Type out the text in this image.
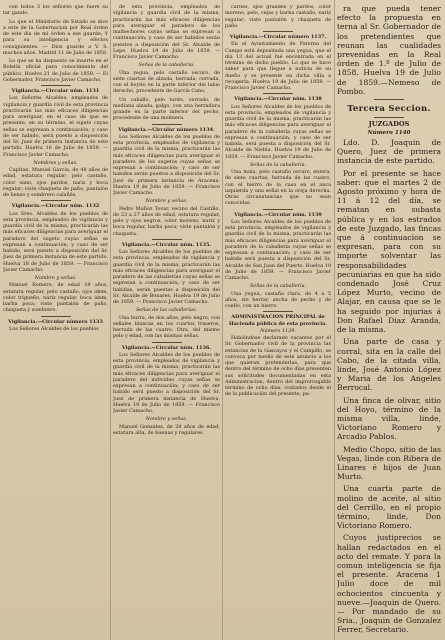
con todos 3 los señores que fuere su tar gando.

Lo que el Ministerio de Estado se dice a este de la Gobernacion por Real órden de este día de mi órden a ese guarde; Y para su inteligencia y efectos consiguientes. — Dios guarde a V. S. muchos años. Madrid 11 de Julio de 1858.

Lo que se ha dispuesto se inserte en el Boletín oficial para conocimiento del público. Huelva 21 de Julio de 1859. — El Gobernador, Francisco Javier Camacho.

Vigilancia.—Circular núm. 1131

Los Señores Alcaldes, empleados de vigilancia y guardia civil de esta provincia practicarán las más eficaces diligencias para averiguar, en el caso de que se presente, en su término, el sujeto cuyas señas se expresan a continuación; y caso de ser habido, será puesto a disposición del Sr. Juez de primera instancia de este partido. Huelva 16 de Julio de 1859. — Francisco Javier Camacho.

Nombres y señas.

Capitan, Manuel García, de 48 años de edad, estatura regular; pelo castaño, color sano, ojos pardos, nariz y boca regular; viste chaqueta de paño, pantalón de lienzo y sombrero calañés.

Vigilancia.—Circular núm. 1132

Los Sres. Alcaldes de los pueblos de esta provincia, empleados de vigilancia y guardia civil de la misma, practicarán las más eficaces diligencias para averiguar el paradero del sugeto cuyas señas se expresan a continuación; y caso de ser habido, será puesto a disposición del Sr. Juez de primera instancia de este partido. Huelva 18 de Julio de 1859. — Francisco Javier Camacho.

Nombre y señas.

Manuel Romero, de edad 19 años, estatura regular, pelo castaño, ojos idem, color trigueño, nariz regular, boca idem, barba poca; viste pantalón de paño, chaqueta y sombrero.

Vigilancia.—Circular número 1133

Los Señores Alcaldes de los pueblos

de esta provincia, empleados de vigilancia y guardia civil de la misma, practicarán las más eficaces diligencias para averiguar el paradero de los malhechores cuyas señas se expresan a continuación; y caso de ser habidos serán puestos a disposición del Sr. Alcalde de Lepe. Huelva 19 de Julio de 1859. — Francisco Javier Camacho.

Señas de la caballería.

Una yegua, pelo castaño oscuro, de siete cuartas de alzada, herrada, cerrada, con el hoyito en la parte inferior del labio derecho, procedente de García Cano.

Un caballo, pelo tordo, cerrado, de mediana alzada, galgo, con una herradura grande en la parte inferior del pecho, procedente de una molinera.

Vigilancia.—Circular número 1134.

Los Señores Alcaldes de los pueblos de esta provincia, empleados de vigilancia y guardia civil de la misma, practicarán las más eficaces diligencias para averiguar el paradero de los sugetos cuyas señas se expresan a continuación; y caso de ser habidos serán puestos a disposición del Sr. Juez de primera instancia de Aracena. Huelva 19 de Julio de 1859. — Francisco Javier Camacho.

Nombre y señas.

Pedro Muñoz Tovar, vecino del Castillo, de 23 a 27 años de edad, estatura regular, pelo y ojos negros, color moreno, nariz y boca regular, barba poca; viste pantalón y chaqueta.

Vigilancia.—Circular núm. 1135.

Los Señores Alcaldes de los pueblos de esta provincia, empleados de vigilancia y guardia civil de la misma, practicarán las más eficaces diligencias para averiguar el paradero de las caballerías cuyas señas se expresan a continuación; y caso de ser habidas, serán puestas a disposición del Sr. Alcalde de Bonares. Huelva 19 de Julio de 1859. — Francisco Javier Camacho.

Señas de las caballerías.

Una burra, de dos años, pelo negro, con señales blancas en los cuartos traseros, herrada de las cuatro. Otra, del mismo pelo y edad, con las mismas señas.

Vigilancia.—Circular núm. 1136.

Los Señores Alcaldes de los pueblos de esta provincia, empleados de vigilancia y guardia civil de la misma, practicarán las más eficaces diligencias para averiguar el paradero del individuo cuyas señas se expresan a continuación; y caso de ser habido será puesto a disposición del Sr. Juez de primera instancia de Huelva. Huelva 19 de Julio de 1859. — Francisco Javier Camacho.

Nombre y señas.

Manuel Gonzalez, de 28 años de edad, estatura alta, de buenas y regulares

carnes, ojos grandes y pardos, color moreno, pelo, cejas y barba castaño, nariz regular; viste pantalón y chaqueta de paño.

Vigilancia.—Circular número 1137.

En el Ayuntamiento de Paterna del Campo está depositada una yegua, que el día 13 del actual fué encontrada en el término de dicho pueblo. Lo que se hace saber para que llegue a noticia de su dueño y se presente en dicha villa a recogerla. Huelva 19 de Julio de 1859. — Francisco Javier Camacho.

Vigilancia.—Circular núm. 1138

Los Señores Alcaldes de los pueblos de esta provincia, empleados de vigilancia y guardia civil de la misma, practicarán las más eficaces diligencias para averiguar el paradero de la caballería cuyas señas se expresan a continuación; y caso de ser habida, será puesta a disposición del Sr. Alcalde de Niebla. Huelva 19 de Julio de 1859. — Francisco Javier Camacho.

Señas de la caballería.

Una mula, pelo castaño oscuro, entera, de siete cuartas, herrada de las cuatro, con el hierro de la casa en el anca izquierda y una señal en la oreja derecha. Otras circunstancias que no sean conocidas.

Vigilancia.—Circular núm. 1139

Los Señores Alcaldes de los pueblos de esta provincia, empleados de vigilancia y guardia civil de la misma, practicarán las más eficaces diligencias para averiguar el paradero de la caballería cuyas señas se expresan a continuación; y caso de ser habida será puesta a disposición del Sr. Alcalde de San Juan del Puerto. Huelva 19 de Julio de 1859. — Francisco Javier Camacho.

Señas de la caballería.

Una yegua, castaña clara, de 4 a 5 años, sin herrar, ancha de pecho y de cuello, con un hierro.

ADMINISTRACION PRINCIPAL de Hacienda pública de esta provincia.

Número 1139.

Habiéndose declarado vacantes por el Sr. Gobernador civil de la provincia las estancias de la Gascayos y el Campillo, se convoca por medio de este anuncio a los que quieran pretenderlas, para que dentro del término de ocho días presenten sus solicitudes documentadas en esta Administracion, dentro del improrrogable término de ocho días, contados desde el de la publicación del presente, pa-

ra que pueda tener efecto la propuesta en terna al Sr. Gobernador de los pretendientes que reunan las cualidades prevenidas en la Real órden de 1.º de Julio de 1858. Huelva 19 de Julio de 1859.—Nemeso de Pombo.

Tercera Seccion.
JUZGADOS
Número 1140

Ldo. D. Joaquin de Quero, Juez de primera instancia de este partido.

Por el presente se hace saber: que el martes 2 de Agosto próximo y hora de 11 á 12 del día, se rematan en subasta pública y en los estrados de este Juzgado, las fincas que á continuacion se expresan, para con su importe solventar las responsabilidades pecuniarias en que ha sido condenado José Cruz López Murto, vecino de Alajar, en causa que se le ha seguido por injurias á Don Rafael Diaz Aranda, de la misma.

Una parte de casa y corral, sita en la calle del Cabo, de la citada villa, linde, José Antonio López y Maria de los Angeles Berrocal.

Una finca de olivar, sitio del Hoyo, término de la misma villa, linde, Victoriano Romero y Arcadio Pablos.

Medio Chopo, sitio de las Vegas, linde con Ribera de Linares é hijos de Juan Murto.

Una cuarta parte de molino de aceite, al sitio del Cerrillo, en el propio término, linde, Don Victoriano Romero.

Cuyos justiprecios se hallan redactados en el acto del remate. Y para la comun inteligencia se fija el presente. Aracena 1 Julio doce de mil ochocientos cincuenta y nueve.—Joaquin de Quero.— Por mandado de su Sria., Joaquin de Gonzalez Ferrer, Secretario.
